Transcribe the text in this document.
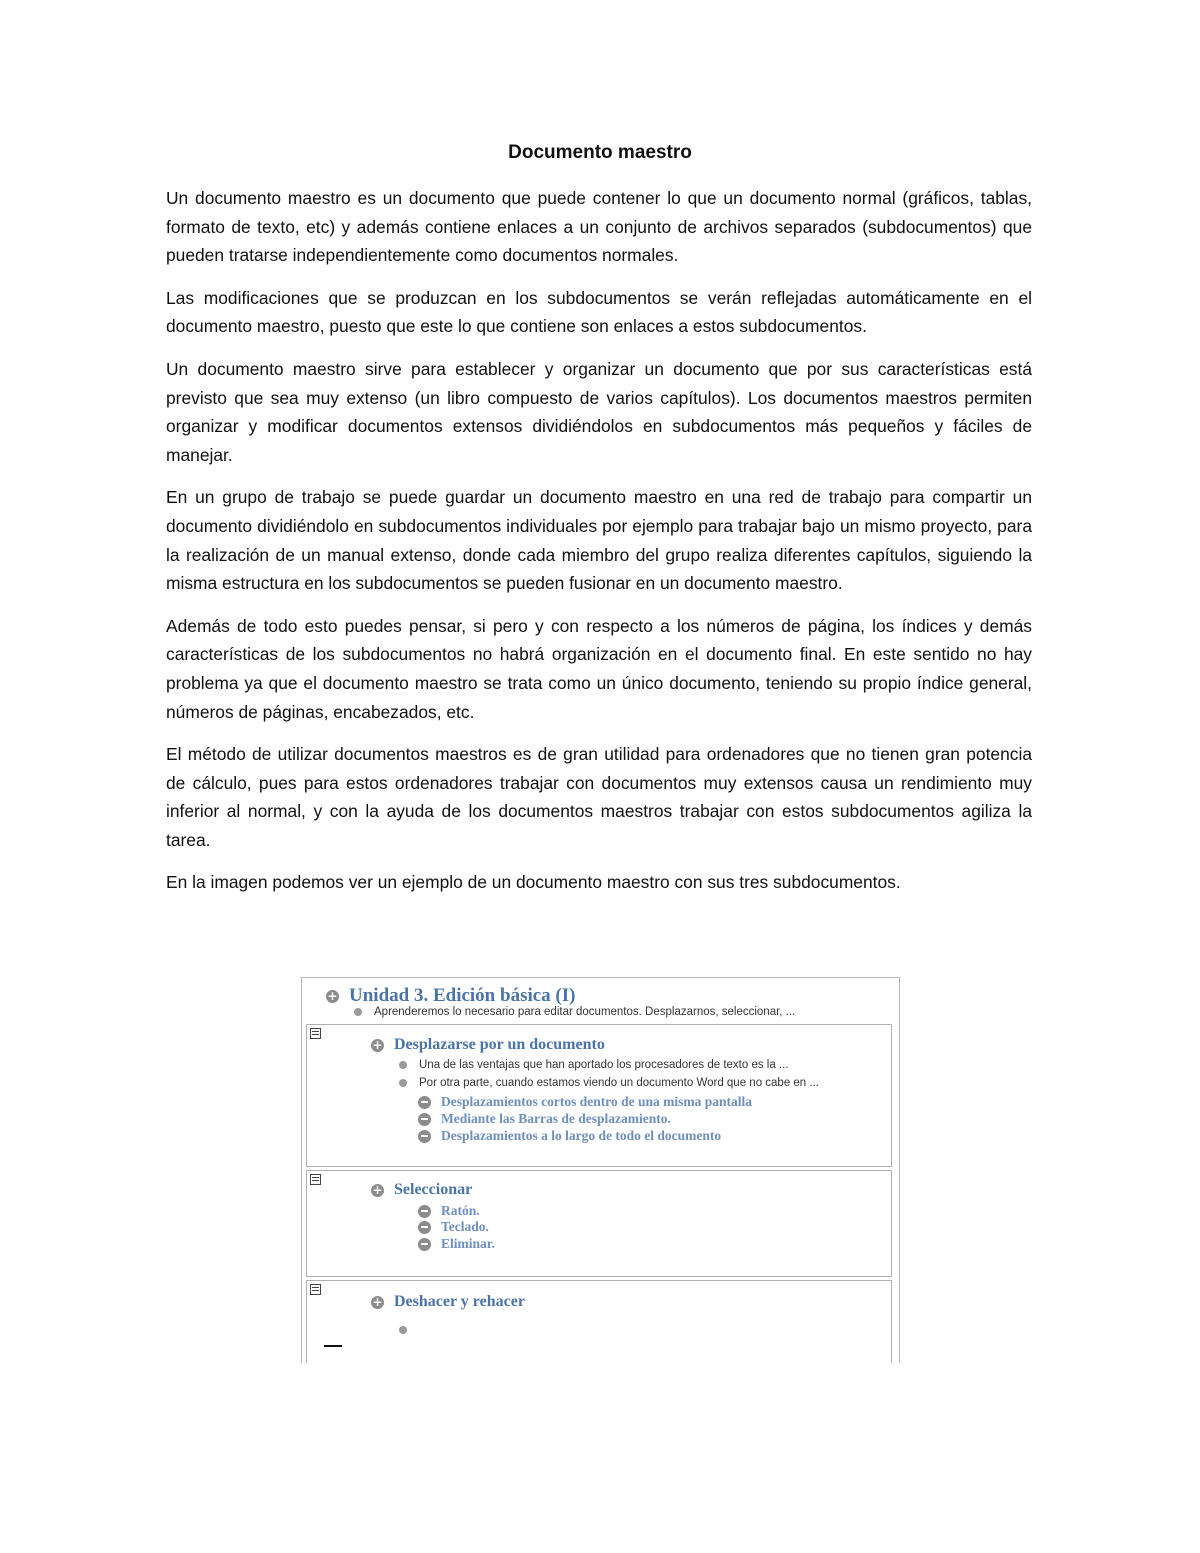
Documento maestro

Un documento maestro es un documento que puede contener lo que un documento normal (gráficos, tablas, formato de texto, etc) y además contiene enlaces a un conjunto de archivos separados (subdocumentos) que pueden tratarse independientemente como documentos normales.

Las modificaciones que se produzcan en los subdocumentos se verán reflejadas automáticamente en el documento maestro, puesto que este lo que contiene son enlaces a estos subdocumentos.

Un documento maestro sirve para establecer y organizar un documento que por sus características está previsto que sea muy extenso (un libro compuesto de varios capítulos). Los documentos maestros permiten organizar y modificar documentos extensos dividiéndolos en subdocumentos más pequeños y fáciles de manejar.

En un grupo de trabajo se puede guardar un documento maestro en una red de trabajo para compartir un documento dividiéndolo en subdocumentos individuales por ejemplo para trabajar bajo un mismo proyecto, para la realización de un manual extenso, donde cada miembro del grupo realiza diferentes capítulos, siguiendo la misma estructura en los subdocumentos se pueden fusionar en un documento maestro.

Además de todo esto puedes pensar, si pero y con respecto a los números de página, los índices y demás características de los subdocumentos no habrá organización en el documento final. En este sentido no hay problema ya que el documento maestro se trata como un único documento, teniendo su propio índice general, números de páginas, encabezados, etc.

El método de utilizar documentos maestros es de gran utilidad para ordenadores que no tienen gran potencia de cálculo, pues para estos ordenadores trabajar con documentos muy extensos causa un rendimiento muy inferior al normal, y con la ayuda de los documentos maestros trabajar con estos subdocumentos agiliza la tarea.

En la imagen podemos ver un ejemplo de un documento maestro con sus tres subdocumentos.

+ Unidad 3. Edición básica (I)
Aprenderemos lo necesario para editar documentos. Desplazarnos, seleccionar, ...
+ Desplazarse por un documento
Una de las ventajas que han aportado los procesadores de texto es la ...
Por otra parte, cuando estamos viendo un documento Word que no cabe en ...
Desplazamientos cortos dentro de una misma pantalla
Mediante las Barras de desplazamiento.
Desplazamientos a lo largo de todo el documento
+ Seleccionar
Ratón.
Teclado.
Eliminar.
+ Deshacer y rehacer
